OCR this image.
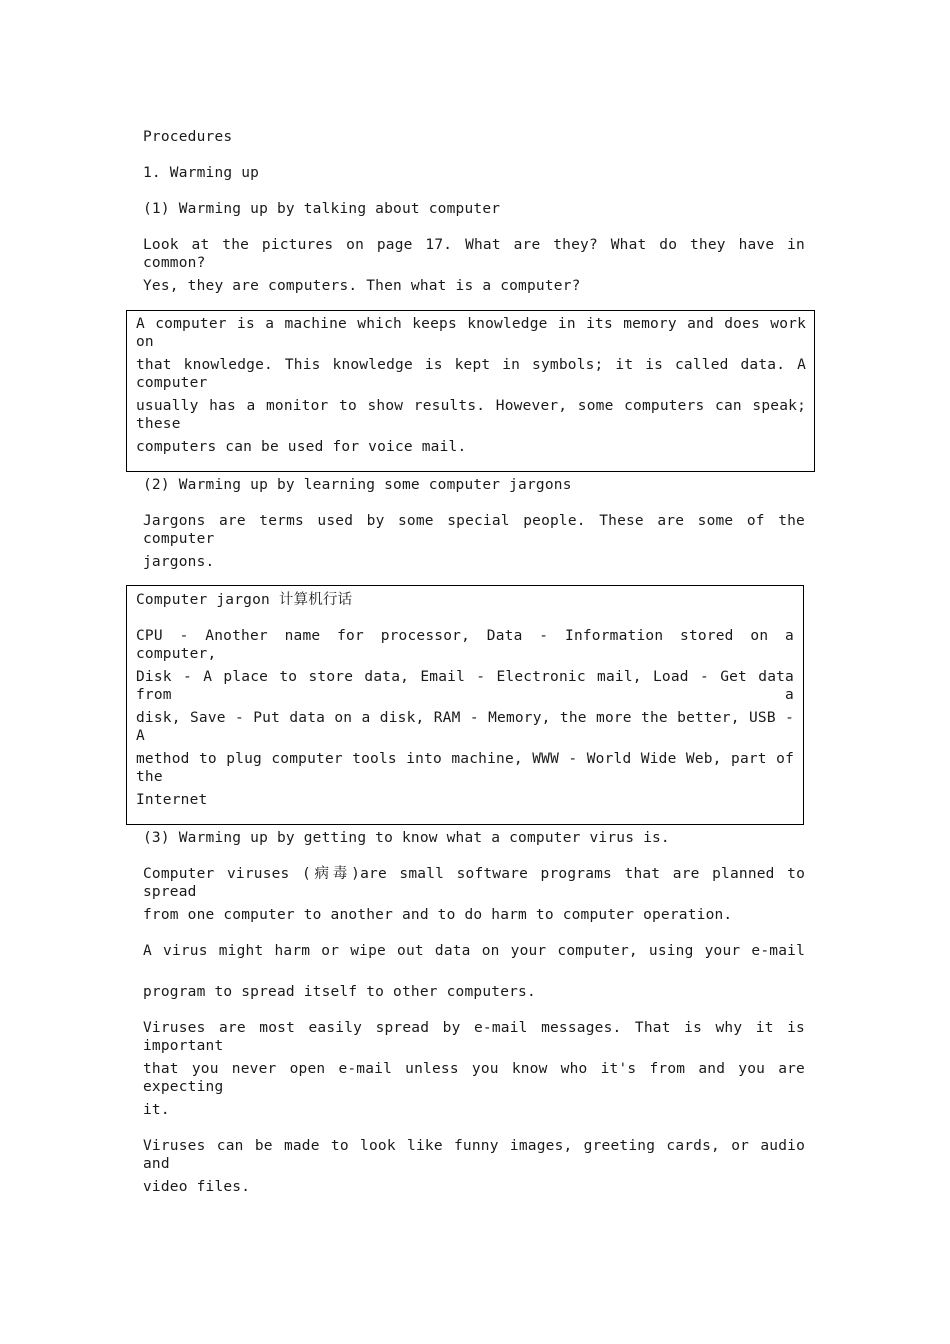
Procedures
1. Warming up
(1) Warming up by talking about computer
Look at the pictures on page 17. What are they? What do they have in common?
Yes, they are computers. Then what is a computer?
A computer is a machine which keeps knowledge in its memory and does work on
that knowledge. This knowledge is kept in symbols; it is called data. A computer
usually has a monitor to show results. However, some computers can speak; these
computers can be used for voice mail.
(2) Warming up by learning some computer jargons
Jargons are terms used by some special people. These are some of the computer
jargons.
Computer jargon 计算机行话
CPU - Another name for processor, Data - Information stored on a computer,
Disk - A place to store data, Email - Electronic mail, Load - Get data from a
disk, Save - Put data on a disk, RAM - Memory, the more the better, USB - A
method to plug computer tools into machine, WWW - World Wide Web, part of the
Internet
(3) Warming up by getting to know what a computer virus is.
Computer viruses (病毒)are small software programs that are planned to spread
from one computer to another and to do harm to computer operation.
A virus might harm or wipe out data on your computer, using your e-mail
program to spread itself to other computers.
Viruses are most easily spread by e-mail messages. That is why it is important
that you never open e-mail unless you know who it's from and you are expecting
it.
Viruses can be made to look like funny images, greeting cards, or audio and
video files.
